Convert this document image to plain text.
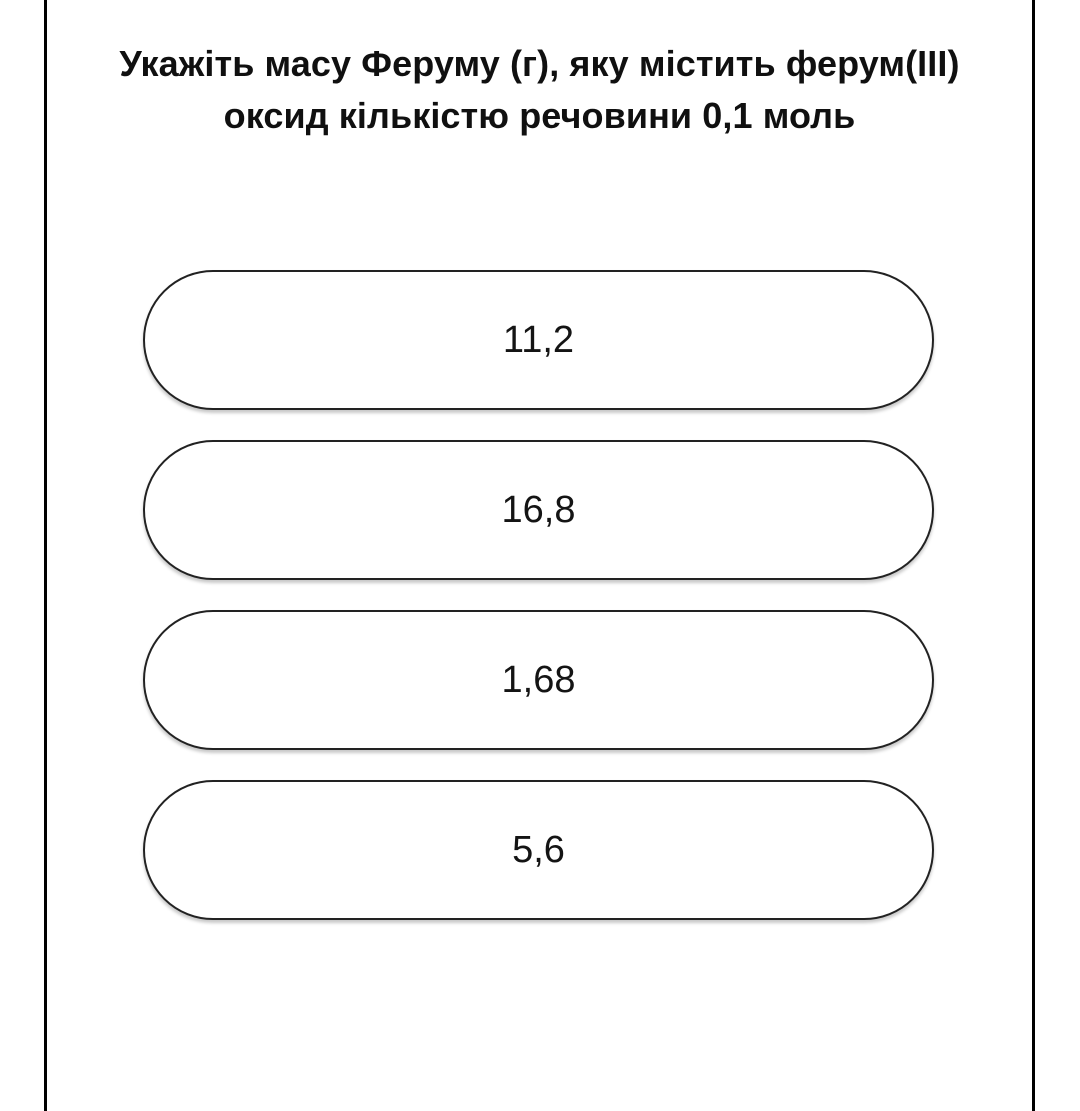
Укажіть масу Феруму (г), яку містить ферум(III) оксид кількістю речовини 0,1 моль
11,2
16,8
1,68
5,6
